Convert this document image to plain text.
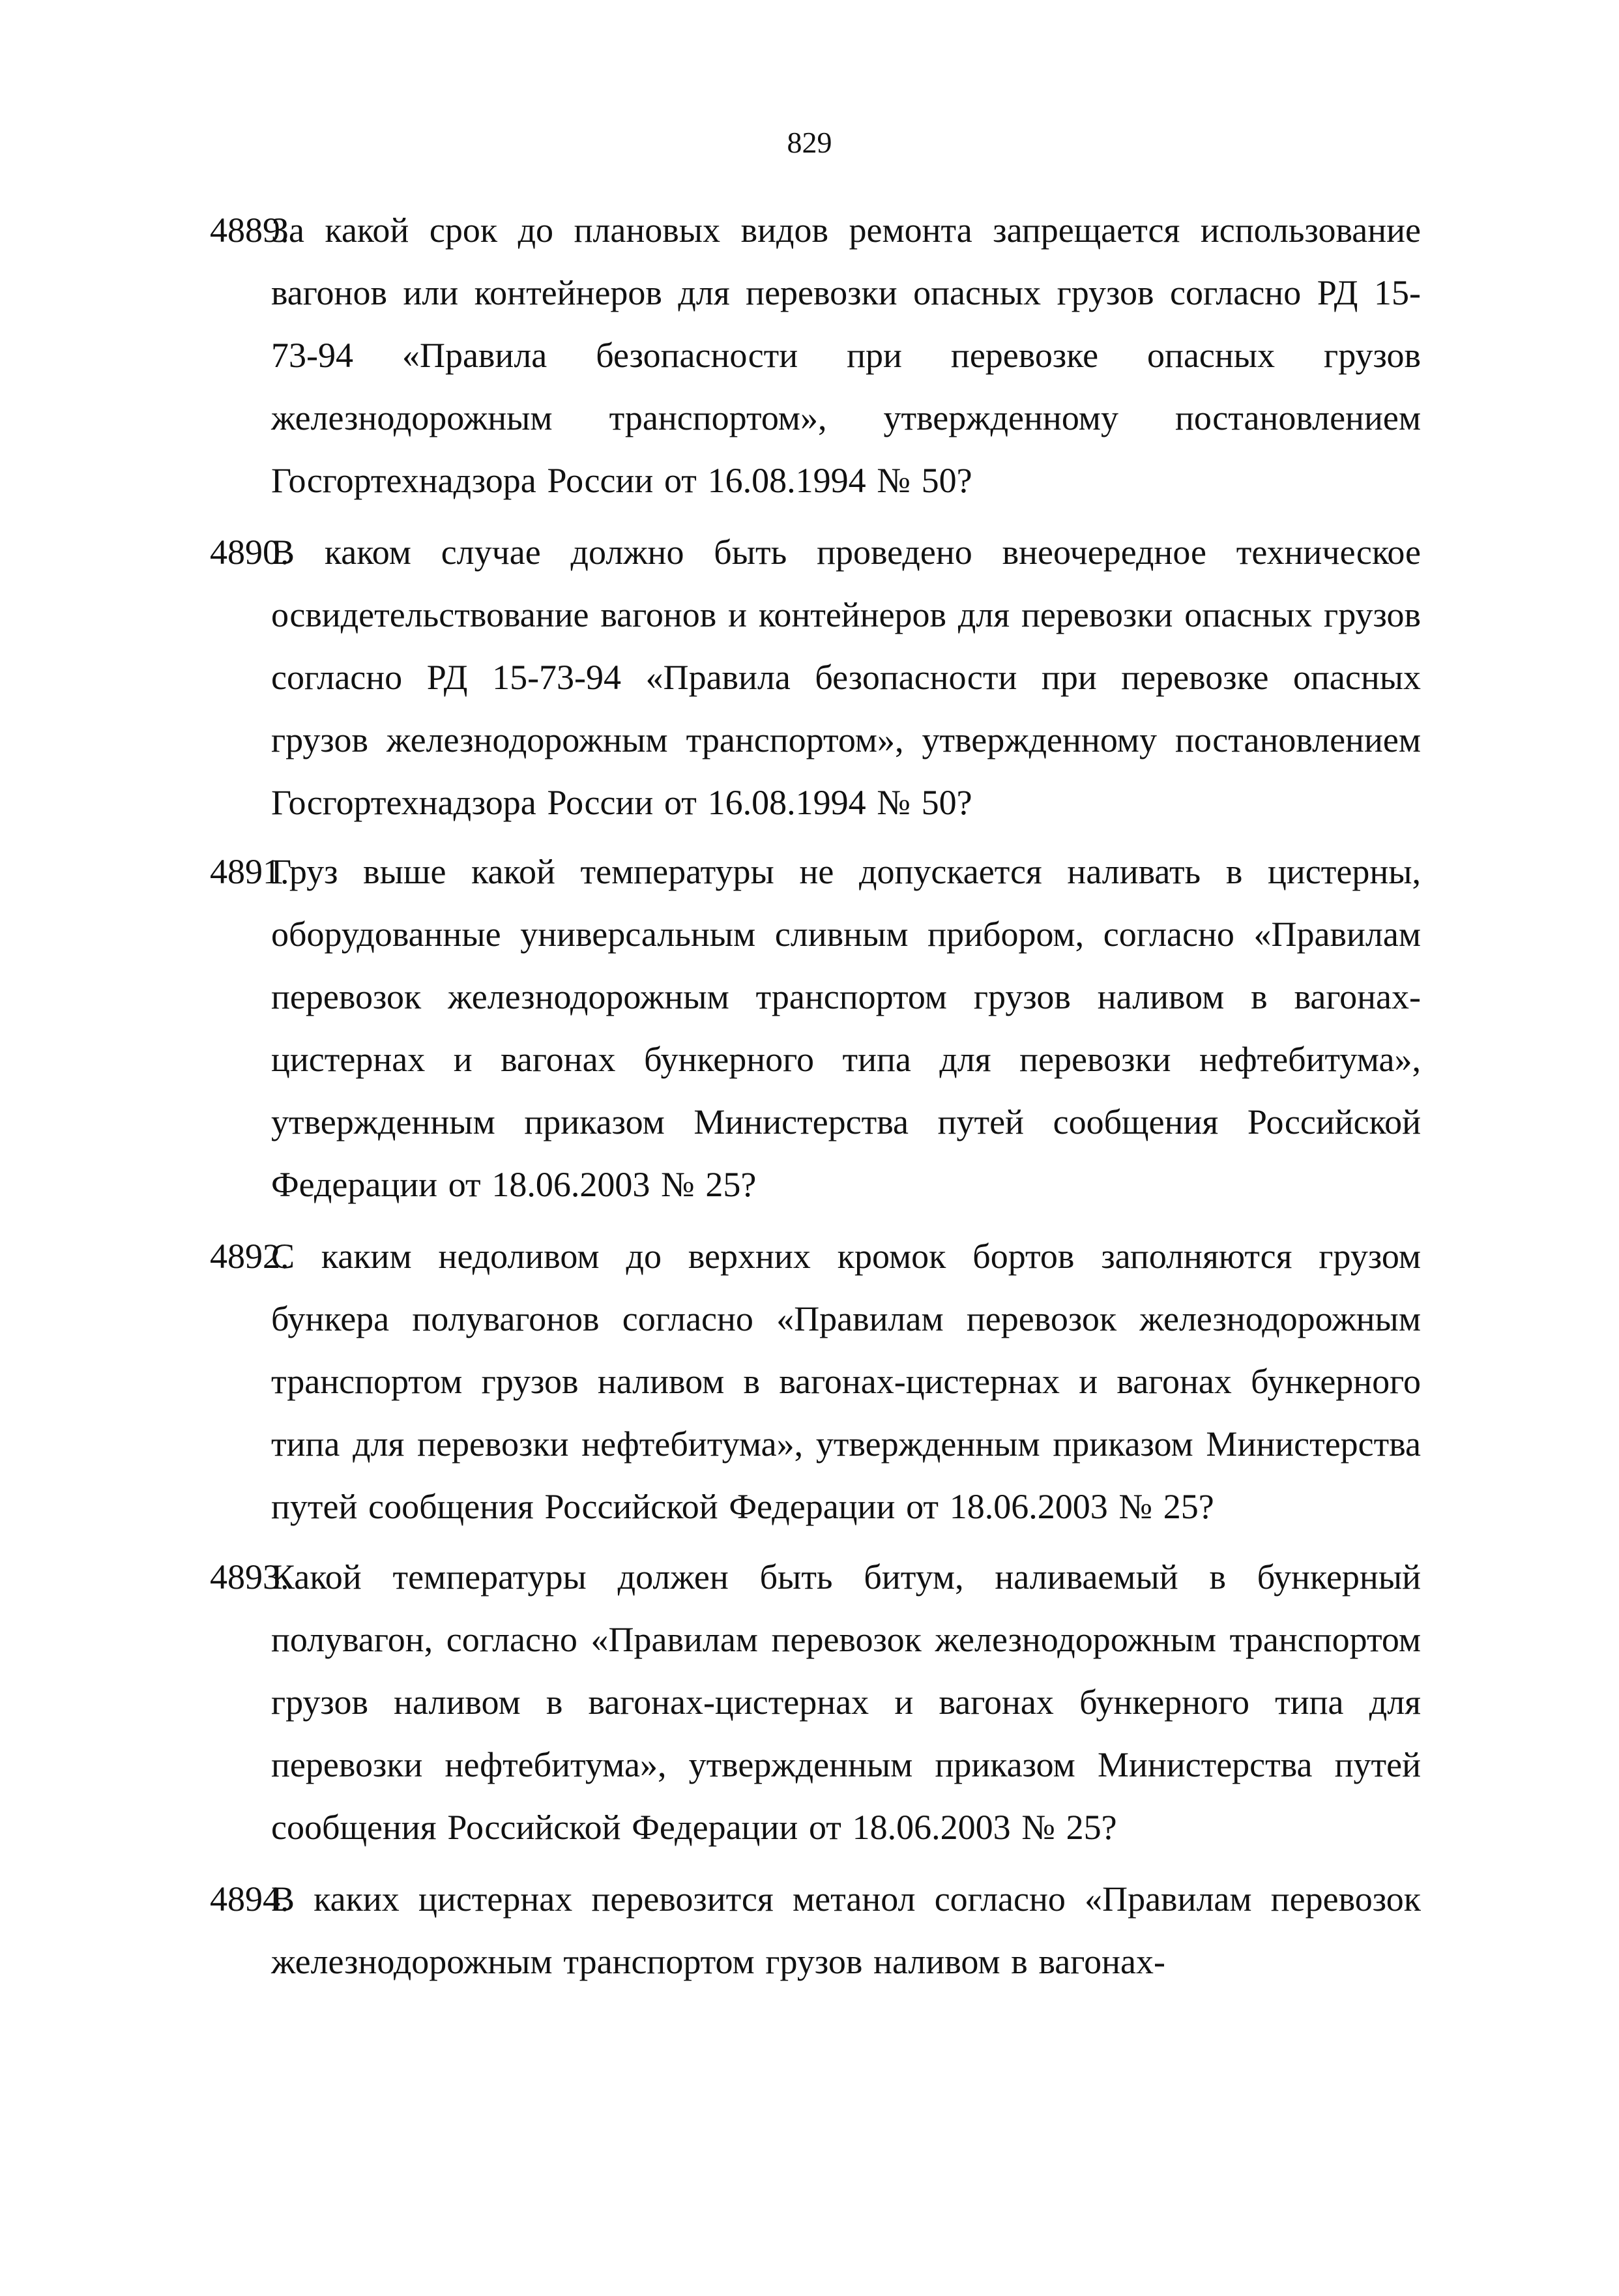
829
4889.
За какой срок до плановых видов ремонта запрещается использование вагонов или контейнеров для перевозки опасных грузов согласно РД 15-73-94 «Правила безопасности при перевозке опасных грузов железнодорожным транспортом», утвержденному постановлением Госгортехнадзора России от 16.08.1994 № 50?
4890.
В каком случае должно быть проведено внеочередное техническое освидетельствование вагонов и контейнеров для перевозки опасных грузов согласно РД 15-73-94 «Правила безопасности при перевозке опасных грузов железнодорожным транспортом», утвержденному постановлением Госгортехнадзора России от 16.08.1994 № 50?
4891.
Груз выше какой температуры не допускается наливать в цистерны, оборудованные универсальным сливным прибором, согласно «Правилам перевозок железнодорожным транспортом грузов наливом в вагонах-цистернах и вагонах бункерного типа для перевозки нефтебитума», утвержденным приказом Министерства путей сообщения Российской Федерации от 18.06.2003 № 25?
4892.
С каким недоливом до верхних кромок бортов заполняются грузом бункера полувагонов согласно «Правилам перевозок железнодорожным транспортом грузов наливом в вагонах-цистернах и вагонах бункерного типа для перевозки нефтебитума», утвержденным приказом Министерства путей сообщения Российской Федерации от 18.06.2003 № 25?
4893.
Какой температуры должен быть битум, наливаемый в бункерный полувагон, согласно «Правилам перевозок железнодорожным транспортом грузов наливом в вагонах-цистернах и вагонах бункерного типа для перевозки нефтебитума», утвержденным приказом Министерства путей сообщения Российской Федерации от 18.06.2003 № 25?
4894.
В каких цистернах перевозится метанол согласно «Правилам перевозок железнодорожным транспортом грузов наливом в вагонах-
